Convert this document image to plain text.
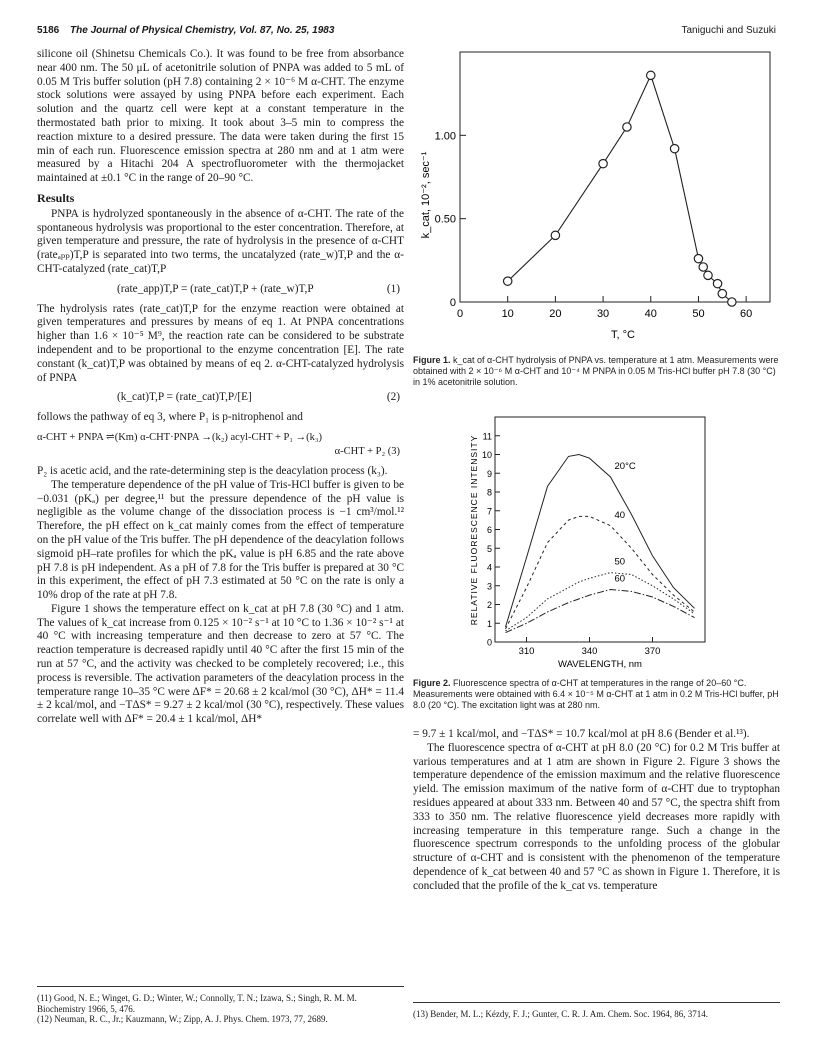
5186 The Journal of Physical Chemistry, Vol. 87, No. 25, 1983	Taniguchi and Suzuki

silicone oil (Shinetsu Chemicals Co.). It was found to be free from absorbance near 400 nm. The 50 μL of acetonitrile solution of PNPA was added to 5 mL of 0.05 M Tris buffer solution (pH 7.8) containing 2 × 10⁻⁶ M α-CHT. The enzyme stock solutions were assayed by using PNPA before each experiment. Each solution and the quartz cell were kept at a constant temperature in the thermostated bath prior to mixing. It took about 3–5 min to compress the reaction mixture to a desired pressure. The data were taken during the first 15 min of each run. Fluorescence emission spectra at 280 nm and at 1 atm were measured by a Hitachi 204 A spectrofluorometer with the thermojacket maintained at ±0.1 °C in the range of 20–90 °C.

Results

PNPA is hydrolyzed spontaneously in the absence of α-CHT. The rate of the spontaneous hydrolysis was proportional to the ester concentration. Therefore, at given temperature and pressure, the rate of hydrolysis in the presence of α-CHT (rateₐₚₚ)T,P is separated into two terms, the uncatalyzed (rate_w)T,P and the α-CHT-catalyzed (rate_cat)T,P

(rate_app)T,P = (rate_cat)T,P + (rate_w)T,P	(1)

The hydrolysis rates (rate_cat)T,P for the enzyme reaction were obtained at given temperatures and pressures by means of eq 1. At PNPA concentrations higher than 1.6 × 10⁻⁵ M⁹, the reaction rate can be considered to be substrate independent and to be proportional to the enzyme concentration [E]. The rate constant (k_cat)T,P was obtained by means of eq 2. α-CHT-catalyzed hydrolysis of PNPA

(k_cat)T,P = (rate_cat)T,P/[E]	(2)

follows the pathway of eq 3, where P₁ is p-nitrophenol and

α-CHT + PNPA ⇌(Km) α-CHT·PNPA →(k₂) acyl-CHT + P₁ →(k₃)
α-CHT + P₂ (3)

P₂ is acetic acid, and the rate-determining step is the deacylation process (k₃).

The temperature dependence of the pH value of Tris-HCl buffer is given to be −0.031 (pKₐ) per degree,¹¹ but the pressure dependence of the pH value is negligible as the volume change of the dissociation process is −1 cm³/mol.¹² Therefore, the pH effect on k_cat mainly comes from the effect of temperature on the pH value of the Tris buffer. The pH dependence of the deacylation follows sigmoid pH–rate profiles for which the pKₐ value is pH 6.85 and the rate above pH 7.8 is pH independent. As a pH of 7.8 for the Tris buffer is prepared at 30 °C in this experiment, the effect of pH 7.3 estimated at 50 °C on the rate is only a 10% drop of the rate at pH 7.8.

Figure 1 shows the temperature effect on k_cat at pH 7.8 (30 °C) and 1 atm. The values of k_cat increase from 0.125 × 10⁻² s⁻¹ at 10 °C to 1.36 × 10⁻² s⁻¹ at 40 °C with increasing temperature and then decrease to zero at 57 °C. The reaction temperature is decreased rapidly until 40 °C after the first 15 min of the run at 57 °C, and the activity was checked to be completely recovered; i.e., this process is reversible. The activation parameters of the deacylation process in the temperature range 10–35 °C were ΔF* = 20.68 ± 2 kcal/mol (30 °C), ΔH* = 11.4 ± 2 kcal/mol, and −TΔS* = 9.27 ± 2 kcal/mol (30 °C), respectively. These values correlate well with ΔF* = 20.4 ± 1 kcal/mol, ΔH*

(11) Good, N. E.; Winget, G. D.; Winter, W.; Connolly, T. N.; Izawa, S.; Singh, R. M. M. Biochemistry 1966, 5, 476.
(12) Neuman, R. C., Jr.; Kauzmann, W.; Zipp, A. J. Phys. Chem. 1973, 77, 2689.
0	10	20	30	40	50	60
0
0.50
1.00
T, °C
k_cat, 10⁻², sec⁻¹
Figure 1. k_cat of α-CHT hydrolysis of PNPA vs. temperature at 1 atm. Measurements were obtained with 2 × 10⁻⁶ M α-CHT and 10⁻⁴ M PNPA in 0.05 M Tris-HCl buffer pH 7.8 (30 °C) in 1% acetonitrile solution.
310	340	370
0
1
2
3
4
5
6
7
8
9
10
11
20°C
40
50
60
WAVELENGTH, nm
RELATIVE FLUORESCENCE INTENSITY
Figure 2. Fluorescence spectra of α-CHT at temperatures in the range of 20–60 °C. Measurements were obtained with 6.4 × 10⁻⁵ M α-CHT at 1 atm in 0.2 M Tris-HCl buffer, pH 8.0 (20 °C). The excitation light was at 280 nm.

= 9.7 ± 1 kcal/mol, and −TΔS* = 10.7 kcal/mol at pH 8.6 (Bender et al.¹³).

The fluorescence spectra of α-CHT at pH 8.0 (20 °C) for 0.2 M Tris buffer at various temperatures and at 1 atm are shown in Figure 2. Figure 3 shows the temperature dependence of the emission maximum and the relative fluorescence yield. The emission maximum of the native form of α-CHT due to tryptophan residues appeared at about 333 nm. Between 40 and 57 °C, the spectra shift from 333 to 350 nm. The relative fluorescence yield decreases more rapidly with increasing temperature in this temperature range. Such a change in the fluorescence spectrum corresponds to the unfolding process of the globular structure of α-CHT and is consistent with the phenomenon of the temperature dependence of k_cat between 40 and 57 °C as shown in Figure 1. Therefore, it is concluded that the profile of the k_cat vs. temperature

(13) Bender, M. L.; Kézdy, F. J.; Gunter, C. R. J. Am. Chem. Soc. 1964, 86, 3714.
